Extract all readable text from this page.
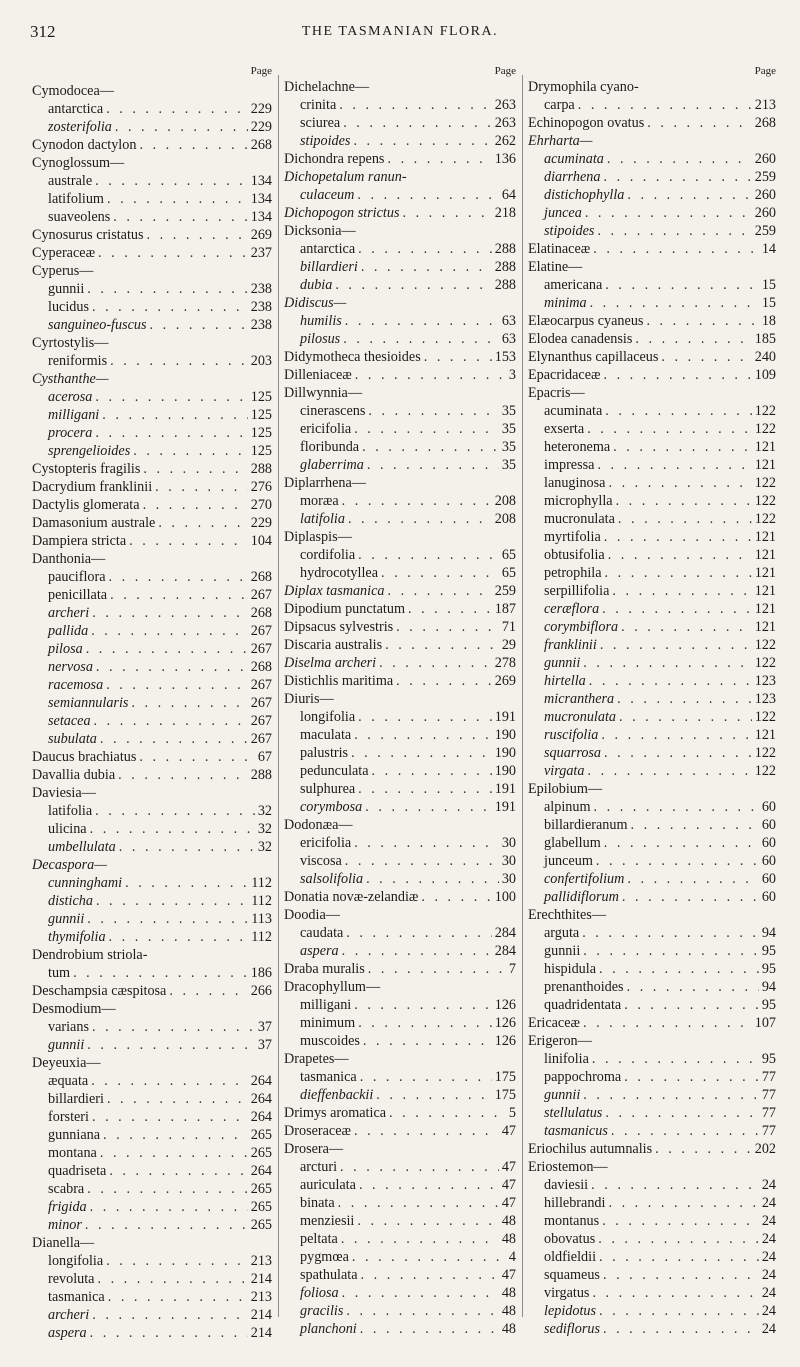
312	THE TASMANIAN FLORA.
Page
Cymodocea—
antarctica . . .	229
zosterifolia . . .	229
Cynodon dactylon . . .	268
Cynoglossum—
australe . . .	134
latifolium . . .	134
suaveolens . . .	134
Cynosurus cristatus . . .	269
Cyperaceæ . . .	237
Cyperus—
gunnii . . .	238
lucidus . . .	238
sanguineo-fuscus . . .	238
Cyrtostylis—
reniformis . . .	203
Cysthanthe—
acerosa . . .	125
milligani . . .	125
procera . . .	125
sprengelioides . . .	125
Cystopteris fragilis . . .	288
Dacrydium franklinii . . .	276
Dactylis glomerata . . .	270
Damasonium australe . . .	229
Dampiera stricta . . .	104
Danthonia—
pauciflora . . .	268
penicillata . . .	267
archeri . . .	268
pallida . . .	267
pilosa . . .	267
nervosa . . .	268
racemosa . . .	267
semiannularis . . .	267
setacea . . .	267
subulata . . .	267
Daucus brachiatus . . .	67
Davallia dubia . . .	288
Daviesia—
latifolia . . .	32
ulicina . . .	32
umbellulata . . .	32
Decaspora—
cunninghami . . .	112
disticha . . .	112
gunnii . . .	113
thymifolia . . .	112
Dendrobium striola-
tum . . .	186
Deschampsia cæspitosa . . .	266
Desmodium—
varians . . .	37
gunnii . . .	37
Deyeuxia—
æquata . . .	264
billardieri . . .	264
forsteri . . .	264
gunniana . . .	265
montana . . .	265
quadriseta . . .	264
scabra . . .	265
frigida . . .	265
minor . . .	265
Dianella—
longifolia . . .	213
revoluta . . .	214
tasmanica . . .	213
archeri . . .	214
aspera . . .	214
Page
Dichelachne—
crinita . . .	263
sciurea . . .	263
stipoides . . .	262
Dichondra repens . . .	136
Dichopetalum ranun-
culaceum . . .	64
Dichopogon strictus . . .	218
Dicksonia—
antarctica . . .	288
billardieri . . .	288
dubia . . .	288
Didiscus—
humilis . . .	63
pilosus . . .	63
Didymotheca thesioides . . .	153
Dilleniaceæ . . .	3
Dillwynnia—
cinerascens . . .	35
ericifolia . . .	35
floribunda . . .	35
glaberrima . . .	35
Diplarrhena—
moræa . . .	208
latifolia . . .	208
Diplaspis—
cordifolia . . .	65
hydrocotyllea . . .	65
Diplax tasmanica . . .	259
Dipodium punctatum . . .	187
Dipsacus sylvestris . . .	71
Discaria australis . . .	29
Diselma archeri . . .	278
Distichlis maritima . . .	269
Diuris—
longifolia . . .	191
maculata . . .	190
palustris . . .	190
pedunculata . . .	190
sulphurea . . .	191
corymbosa . . .	191
Dodonæa—
ericifolia . . .	30
viscosa . . .	30
salsolifolia . . .	30
Donatia novæ-zelandiæ . . .	100
Doodia—
caudata . . .	284
aspera . . .	284
Draba muralis . . .	7
Dracophyllum—
milligani . . .	126
minimum . . .	126
muscoides . . .	126
Drapetes—
tasmanica . . .	175
dieffenbackii . . .	175
Drimys aromatica . . .	5
Droseraceæ . . .	47
Drosera—
arcturi . . .	47
auriculata . . .	47
binata . . .	47
menziesii . . .	48
peltata . . .	48
pygmœa . . .	4
spathulata . . .	47
foliosa . . .	48
gracilis . . .	48
planchoni . . .	48
Page
Drymophila cyano-
carpa . . .	213
Echinopogon ovatus . . .	268
Ehrharta—
acuminata . . .	260
diarrhena . . .	259
distichophylla . . .	260
juncea . . .	260
stipoides . . .	259
Elatinaceæ . . .	14
Elatine—
americana . . .	15
minima . . .	15
Elæocarpus cyaneus . . .	18
Elodea canadensis . . .	185
Elynanthus capillaceus . . .	240
Epacridaceæ . . .	109
Epacris—
acuminata . . .	122
exserta . . .	122
heteronema . . .	121
impressa . . .	121
lanuginosa . . .	122
microphylla . . .	122
mucronulata . . .	122
myrtifolia . . .	121
obtusifolia . . .	121
petrophila . . .	121
serpillifolia . . .	121
ceræflora . . .	121
corymbiflora . . .	121
franklinii . . .	122
gunnii . . .	122
hirtella . . .	123
micranthera . . .	123
mucronulata . . .	122
ruscifolia . . .	121
squarrosa . . .	122
virgata . . .	122
Epilobium—
alpinum . . .	60
billardieranum . . .	60
glabellum . . .	60
junceum . . .	60
confertifolium . . .	60
pallidiflorum . . .	60
Erechthites—
arguta . . .	94
gunnii . . .	95
hispidula . . .	95
prenanthoides . . .	94
quadridentata . . .	95
Ericaceæ . . .	107
Erigeron—
linifolia . . .	95
pappochroma . . .	77
gunnii . . .	77
stellulatus . . .	77
tasmanicus . . .	77
Eriochilus autumnalis . . .	202
Eriostemon—
daviesii . . .	24
hillebrandi . . .	24
montanus . . .	24
obovatus . . .	24
oldfieldii . . .	24
squameus . . .	24
virgatus . . .	24
lepidotus . . .	24
sediflorus . . .	24
